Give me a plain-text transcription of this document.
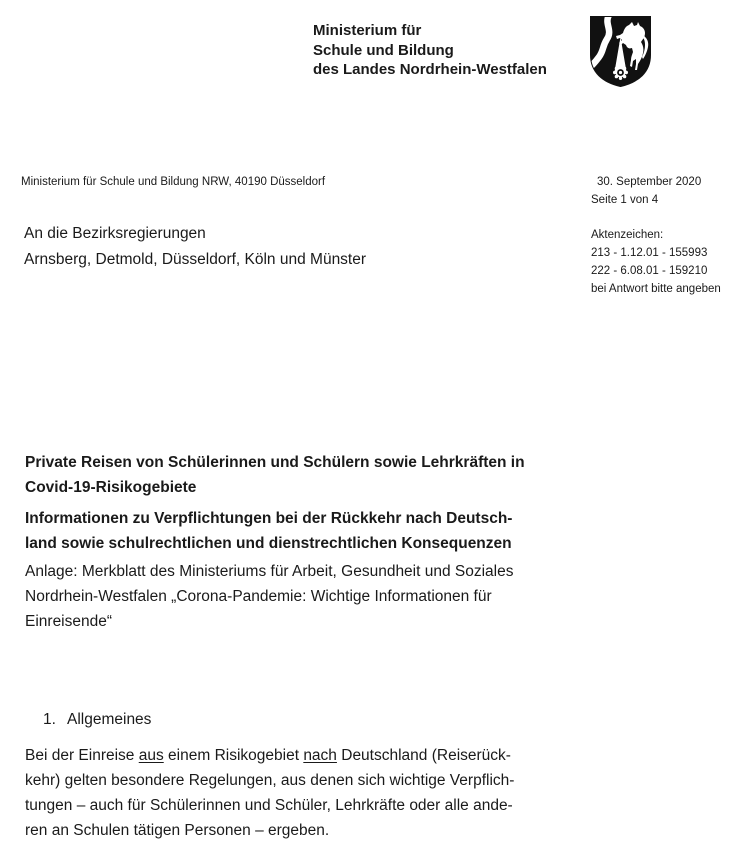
Ministerium für
Schule und Bildung
des Landes Nordrhein-Westfalen
Ministerium für Schule und Bildung NRW, 40190 Düsseldorf	30. September 2020
Seite 1 von 4
An die Bezirksregierungen
Arnsberg, Detmold, Düsseldorf, Köln und Münster
Aktenzeichen:
213 - 1.12.01 - 155993
222 - 6.08.01 - 159210
bei Antwort bitte angeben
Private Reisen von Schülerinnen und Schülern sowie Lehrkräften in
Covid-19-Risikogebiete
Informationen zu Verpflichtungen bei der Rückkehr nach Deutsch-
land sowie schulrechtlichen und dienstrechtlichen Konsequenzen
Anlage: Merkblatt des Ministeriums für Arbeit, Gesundheit und Soziales
Nordrhein-Westfalen „Corona-Pandemie: Wichtige Informationen für
Einreisende“
1. Allgemeines
Bei der Einreise aus einem Risikogebiet nach Deutschland (Reiserück-
kehr) gelten besondere Regelungen, aus denen sich wichtige Verpflich-
tungen – auch für Schülerinnen und Schüler, Lehrkräfte oder alle ande-
ren an Schulen tätigen Personen – ergeben.
